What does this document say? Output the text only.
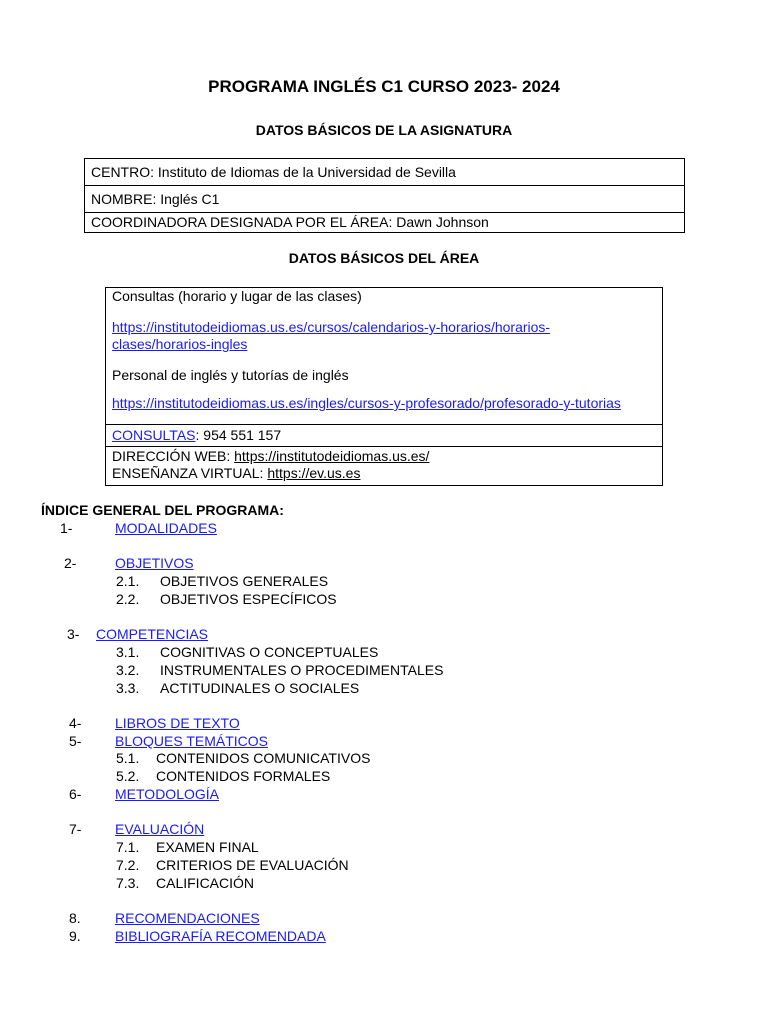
PROGRAMA INGLÉS C1 CURSO 2023- 2024
DATOS BÁSICOS DE LA ASIGNATURA
CENTRO: Instituto de Idiomas de la Universidad de Sevilla
NOMBRE: Inglés C1
COORDINADORA DESIGNADA POR EL ÁREA: Dawn Johnson
DATOS BÁSICOS DEL ÁREA

Consultas (horario y lugar de las clases)

https://institutodeidiomas.us.es/cursos/calendarios-y-horarios/horarios-
clases/horarios-ingles

Personal de inglés y tutorías de inglés

https://institutodeidiomas.us.es/ingles/cursos-y-profesorado/profesorado-y-tutorias

CONSULTAS: 954 551 157
DIRECCIÓN WEB: https://institutodeidiomas.us.es/
ENSEÑANZA VIRTUAL: https://ev.us.es
ÍNDICE GENERAL DEL PROGRAMA:
1-	MODALIDADES
2-	OBJETIVOS
2.1. OBJETIVOS GENERALES
2.2. OBJETIVOS ESPECÍFICOS
3- COMPETENCIAS
3.1. COGNITIVAS O CONCEPTUALES
3.2. INSTRUMENTALES O PROCEDIMENTALES
3.3. ACTITUDINALES O SOCIALES
4- LIBROS DE TEXTO
5- BLOQUES TEMÁTICOS
5.1. CONTENIDOS COMUNICATIVOS
5.2. CONTENIDOS FORMALES
6- METODOLOGÍA
7- EVALUACIÓN
7.1. EXAMEN FINAL
7.2. CRITERIOS DE EVALUACIÓN
7.3. CALIFICACIÓN
8. RECOMENDACIONES
9. BIBLIOGRAFÍA RECOMENDADA
